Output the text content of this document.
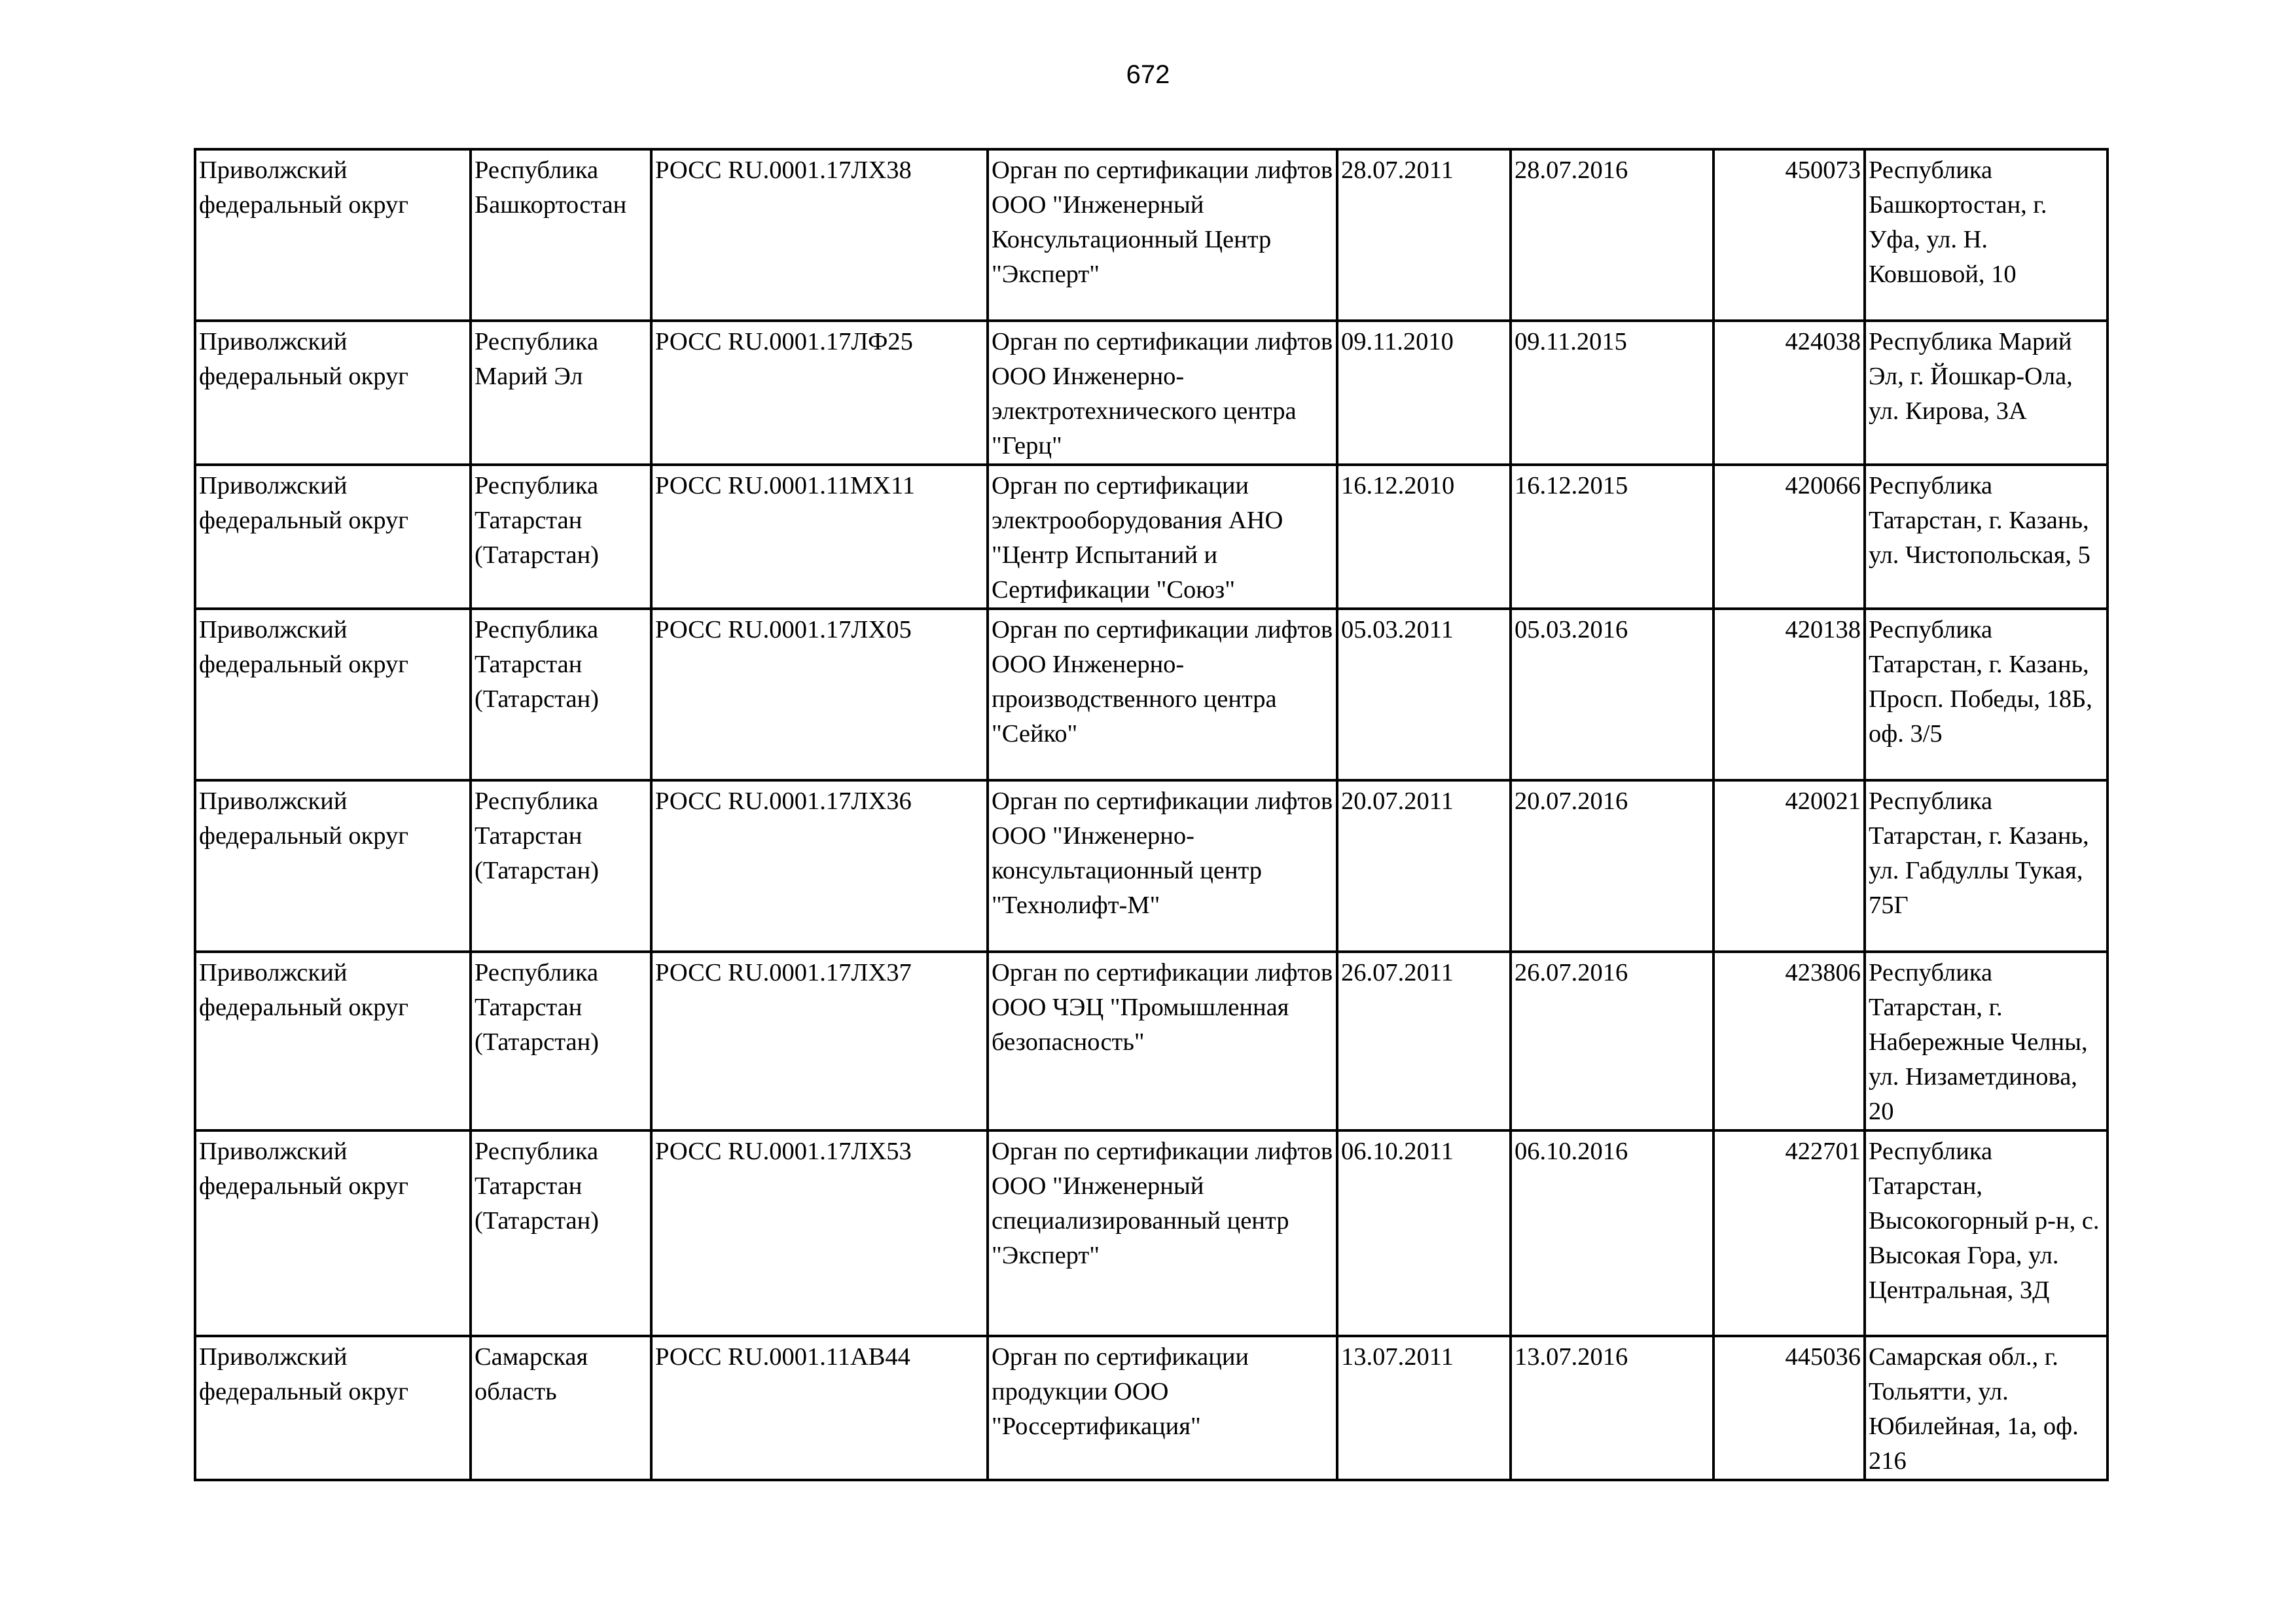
672
Приволжский федеральный округ	Республика Башкортостан	РОСС RU.0001.17ЛХ38	Орган по сертификации лифтов ООО "Инженерный Консультационный Центр "Эксперт"	28.07.2011	28.07.2016	450073	Республика Башкортостан, г. Уфа, ул. Н. Ковшовой, 10
Приволжский федеральный округ	Республика Марий Эл	РОСС RU.0001.17ЛФ25	Орган по сертификации лифтов ООО Инженерно-электротехнического центра "Герц"	09.11.2010	09.11.2015	424038	Республика Марий Эл, г. Йошкар-Ола, ул. Кирова, 3А
Приволжский федеральный округ	Республика Татарстан (Татарстан)	РОСС RU.0001.11МХ11	Орган по сертификации электрооборудования АНО "Центр Испытаний и Сертификации "Союз"	16.12.2010	16.12.2015	420066	Республика Татарстан, г. Казань, ул. Чистопольская, 5
Приволжский федеральный округ	Республика Татарстан (Татарстан)	РОСС RU.0001.17ЛХ05	Орган по сертификации лифтов ООО Инженерно-производственного центра "Сейко"	05.03.2011	05.03.2016	420138	Республика Татарстан, г. Казань, Просп. Победы, 18Б, оф. 3/5
Приволжский федеральный округ	Республика Татарстан (Татарстан)	РОСС RU.0001.17ЛХ36	Орган по сертификации лифтов ООО "Инженерно-консультационный центр "Технолифт-М"	20.07.2011	20.07.2016	420021	Республика Татарстан, г. Казань, ул. Габдуллы Тукая, 75Г
Приволжский федеральный округ	Республика Татарстан (Татарстан)	РОСС RU.0001.17ЛХ37	Орган по сертификации лифтов ООО ЧЭЦ "Промышленная безопасность"	26.07.2011	26.07.2016	423806	Республика Татарстан, г. Набережные Челны, ул. Низаметдинова, 20
Приволжский федеральный округ	Республика Татарстан (Татарстан)	РОСС RU.0001.17ЛХ53	Орган по сертификации лифтов ООО "Инженерный специализированный центр "Эксперт"	06.10.2011	06.10.2016	422701	Республика Татарстан, Высокогорный р-н, с. Высокая Гора, ул. Центральная, 3Д
Приволжский федеральный округ	Самарская область	РОСС RU.0001.11АВ44	Орган по сертификации продукции ООО "Россертификация"	13.07.2011	13.07.2016	445036	Самарская обл., г. Тольятти, ул. Юбилейная, 1а, оф. 216
